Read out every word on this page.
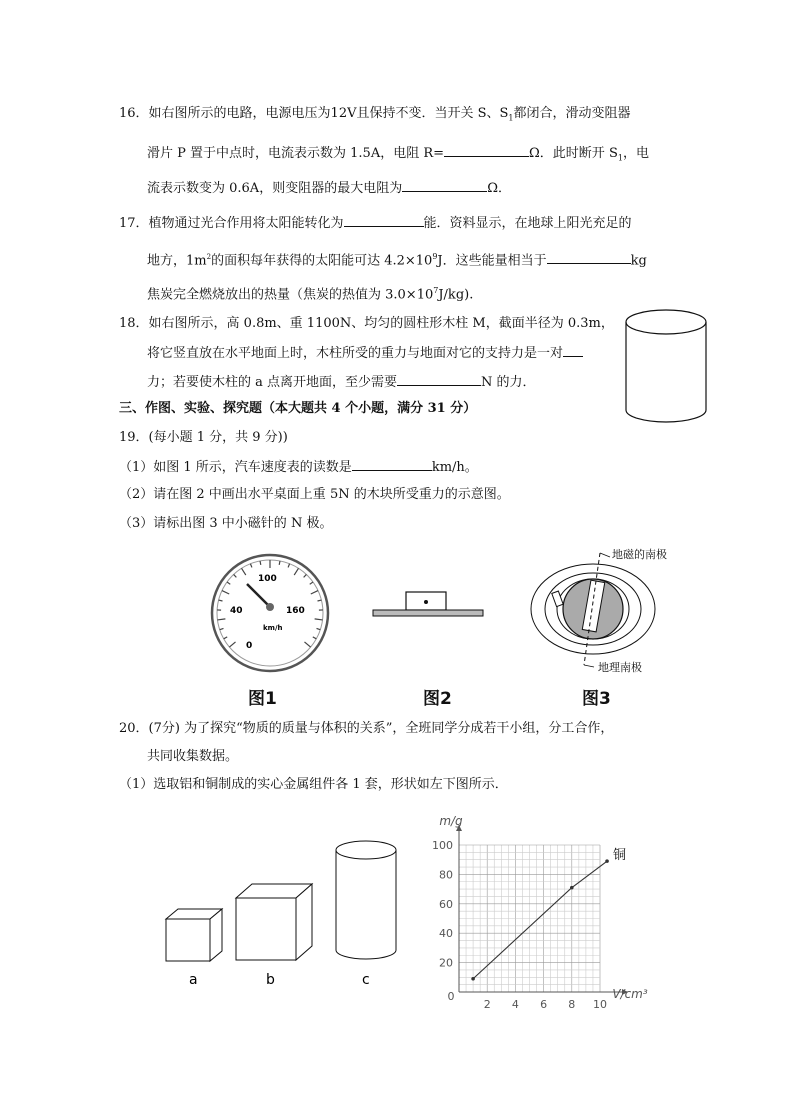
16．如右图所示的电路，电源电压为12V且保持不变．当开关 S、$S_1$都闭合，滑动变阻器
滑片 P 置于中点时，电流表示数为 1.5A，电阻 R=	Ω．此时断开 $S_1$，电
流表示数变为 0.6A，则变阻器的最大电阻为	Ω．
17．植物通过光合作用将太阳能转化为	能．资料显示，在地球上阳光充足的
地方，$1m^2$的面积每年获得的太阳能可达 $4.2\times 10^9J$．这些能量相当于	kg
焦炭完全燃烧放出的热量（焦炭的热值为 $3.0\times 10^7J/kg$).
18．如右图所示，高 0.8m、重 1100N、均匀的圆柱形木柱 M，截面半径为 0.3m，
将它竖直放在水平地面上时，木柱所受的重力与地面对它的支持力是一对
力；若要使木柱的 a 点离开地面，至少需要	N 的力．
三、作图、实验、探究题（本大题共 4 个小题，满分 31 分）
19．(每小题 1 分，共 9 分))
（1）如图 1 所示，汽车速度表的读数是	km/h。
（2）请在图 2 中画出水平桌面上重 5N 的木块所受重力的示意图。
（3）请标出图 3 中小磁针的 N 极。
100
40	160
0
km/h
图1	图2
地磁的南极
地理南极
图3
20．(7分) 为了探究“物质的质量与体积的关系”，全班同学分成若干小组，分工合作，
共同收集数据。
（1）选取铝和铜制成的实心金属组件各 1 套，形状如左下图所示．
a	b	c
2 4 6 8 10
20
40
60
80
100
0	V/cm³
m/g
铜
